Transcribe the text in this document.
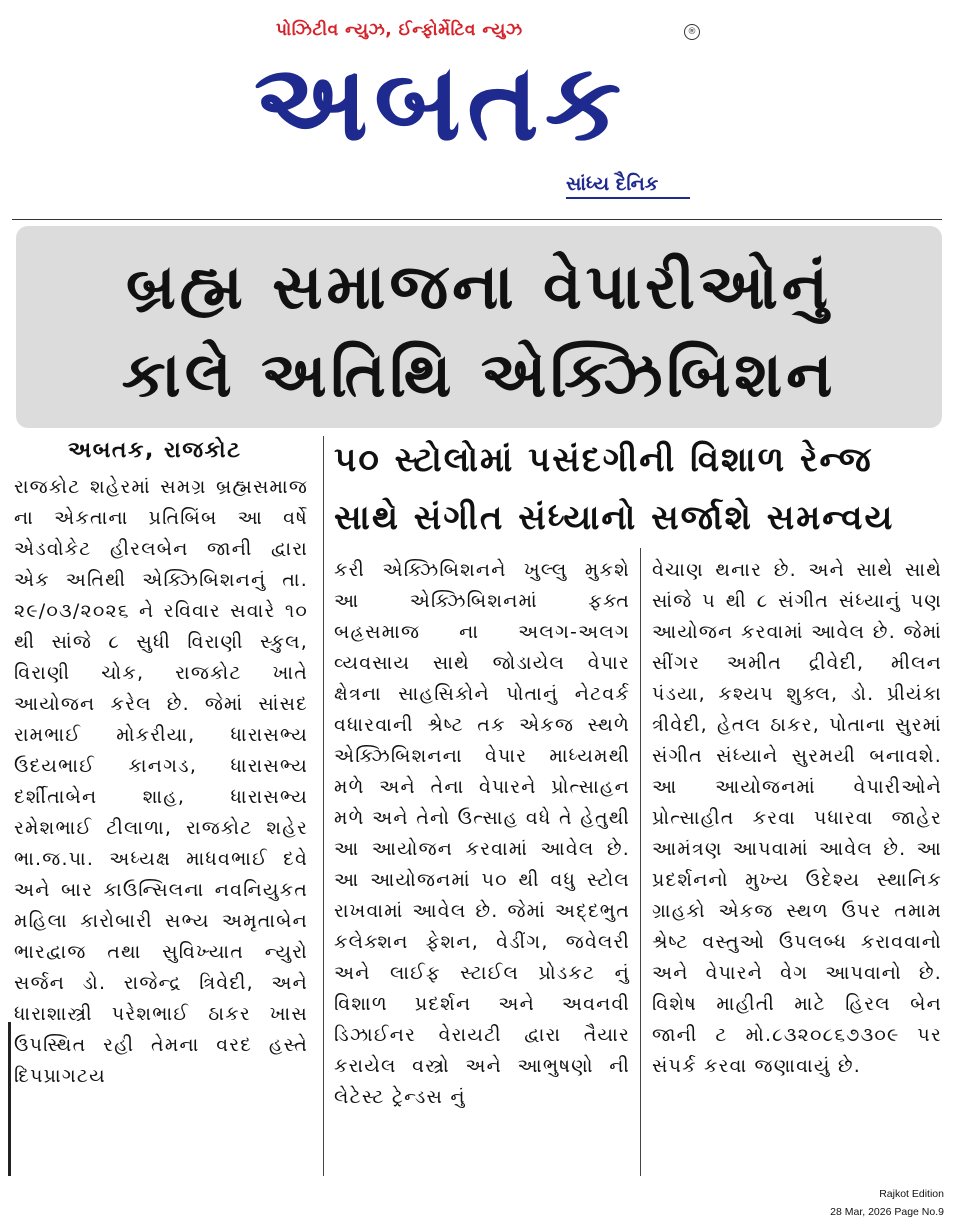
પોઝિટીવ ન્યુઝ, ઈન્ફોર્મેટિવ ન્યુઝ	®
અબતક
સાંધ્ય દૈનિક
બ્રહ્મ સમાજના વેપારીઓનું
કાલે અતિથિ એક્ઝિબિશન
અબતક, રાજકોટ	૫૦ સ્ટોલોમાં પસંદગીની વિશાળ રેન્જ
સાથે સંગીત સંધ્યાનો સર્જાશે સમન્વય
રાજકોટ શહેરમાં સમગ્ર બ્રહ્મસમાજ ના એકતાના પ્રતિબિંબ આ વર્ષે એડવોકેટ હીરલબેન જાની દ્વારા એક અતિથી એક્ઝિબિશનનું તા. ૨૯/૦૩/૨૦૨૬ ને રવિવાર સવારે ૧૦ થી સાંજે ૮ સુધી વિરાણી સ્કુલ, વિરાણી ચોક, રાજકોટ ખાતે આયોજન કરેલ છે. જેમાં સાંસદ રામભાઈ મોકરીયા, ધારાસભ્ય ઉદયભાઈ કાનગડ, ધારાસભ્ય દર્શીતાબેન શાહ, ધારાસભ્ય રમેશભાઈ ટીલાળા, રાજકોટ શહેર ભા.જ.પા. અધ્યક્ષ માધવભાઈ દવે અને બાર કાઉન્સિલના નવનિયુકત મહિલા કારોબારી સભ્ય અમૃતાબેન ભારદ્વાજ તથા સુવિખ્યાત ન્યુરો સર્જન ડો. રાજેન્દ્ર ત્રિવેદી, અને ધારાશાસ્ત્રી પરેશભાઈ ઠાકર ખાસ ઉપસ્થિત રહી તેમના વરદ હસ્તે દિપપ્રાગટય
કરી એક્ઝિબિશનને ખુલ્લુ મુકશે આ એક્ઝિબિશનમાં ફક્ત બહ્રસમાજ ના અલગ-અલગ વ્યવસાય સાથે જોડાયેલ વેપાર ક્ષેત્રના સાહસિકોને પોતાનું નેટવર્ક વધારવાની શ્રેષ્ટ તક એકજ સ્થળે એક્ઝિબિશનના વેપાર માધ્યમથી મળે અને તેના વેપારને પ્રોત્સાહન મળે અને તેનો ઉત્સાહ વધે તે હેતુથી આ આયોજન કરવામાં આવેલ છે. આ આયોજનમાં ૫૦ થી વધુ સ્ટોલ રાખવામાં આવેલ છે. જેમાં અદ્દભુત કલેક્શન ફેશન, વેડીંગ, જવેલરી અને લાઈફ સ્ટાઈલ પ્રોડકટ નું વિશાળ પ્રદર્શન અને અવનવી ડિઝાઈનર વેરાયટી દ્વારા તૈયાર કરાયેલ વસ્ત્રો અને આભુષણો ની લેટેસ્ટ ટ્રેન્ડસ નું
વેચાણ થનાર છે. અને સાથે સાથે સાંજે ૫ થી ૮ સંગીત સંધ્યાનું પણ આયોજન કરવામાં આવેલ છે. જેમાં સીંગર અમીત દ્રીવેદી, મીલન પંડયા, કશ્યપ શુક્લ, ડો. પ્રીયંકા ત્રીવેદી, હેતલ ઠાકર, પોતાના સુરમાં સંગીત સંધ્યાને સુરમયી બનાવશે. આ આયોજનમાં વેપારીઓને પ્રોત્સાહીત કરવા પધારવા જાહેર આમંત્રણ આપવામાં આવેલ છે. આ પ્રદર્શનનો મુખ્ય ઉદેશ્ય સ્થાનિક ગ્રાહકો એકજ સ્થળ ઉપર તમામ શ્રેષ્ટ વસ્તુઓ ઉપલબ્ધ કરાવવાનો અને વેપારને વેગ આપવાનો છે. વિશેષ માહીતી માટે હિરલ બેન જાની ટ મો.૮૩૨૦૮૬૭૩૦૯ પર સંપર્ક કરવા જણાવાયું છે.
Rajkot Edition
28 Mar, 2026 Page No.9
